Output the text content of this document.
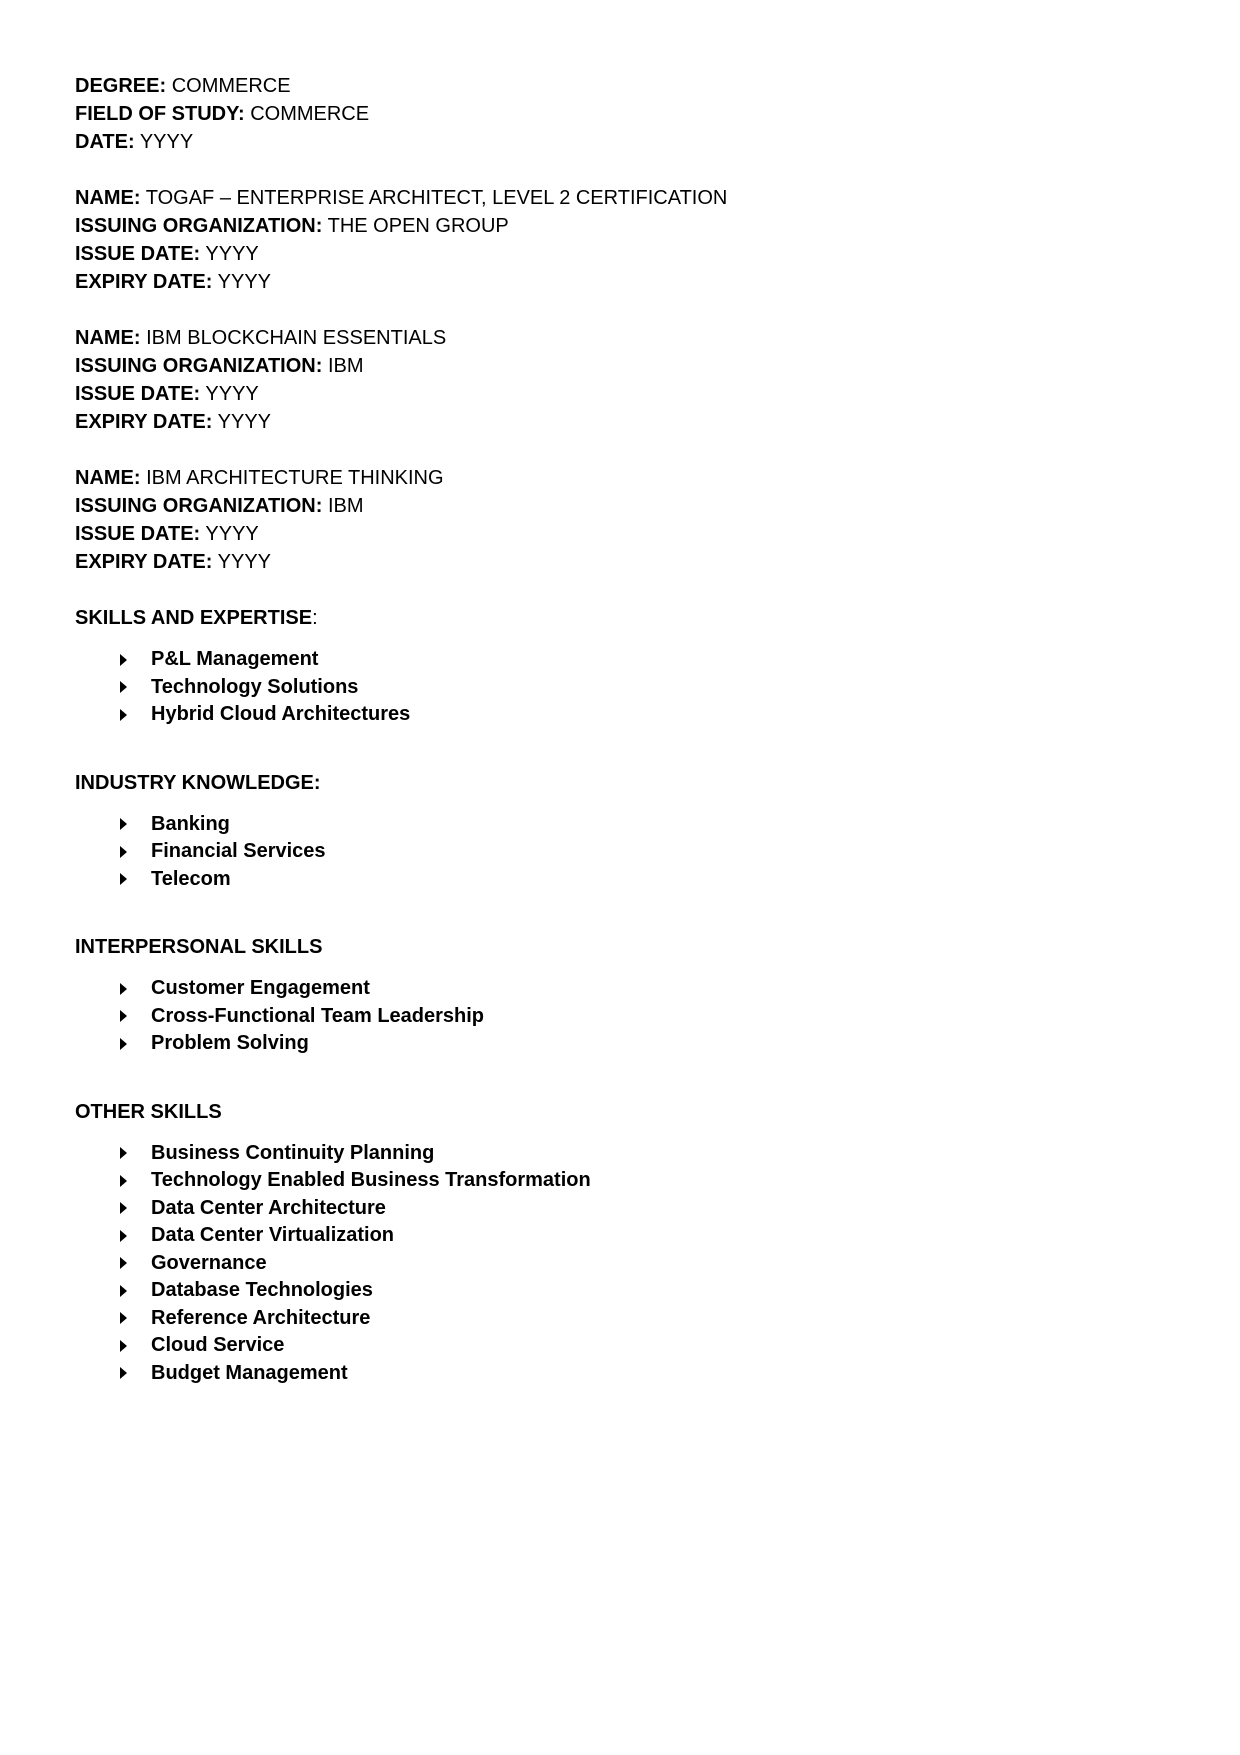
DEGREE: COMMERCE
FIELD OF STUDY: COMMERCE
DATE: YYYY
NAME: TOGAF – ENTERPRISE ARCHITECT, LEVEL 2 CERTIFICATION
ISSUING ORGANIZATION: THE OPEN GROUP
ISSUE DATE: YYYY
EXPIRY DATE: YYYY
NAME: IBM BLOCKCHAIN ESSENTIALS
ISSUING ORGANIZATION: IBM
ISSUE DATE: YYYY
EXPIRY DATE: YYYY
NAME: IBM ARCHITECTURE THINKING
ISSUING ORGANIZATION: IBM
ISSUE DATE: YYYY
EXPIRY DATE: YYYY
SKILLS AND EXPERTISE:
P&L Management
Technology Solutions
Hybrid Cloud Architectures
INDUSTRY KNOWLEDGE:
Banking
Financial Services
Telecom
INTERPERSONAL SKILLS
Customer Engagement
Cross-Functional Team Leadership
Problem Solving
OTHER SKILLS
Business Continuity Planning
Technology Enabled Business Transformation
Data Center Architecture
Data Center Virtualization
Governance
Database Technologies
Reference Architecture
Cloud Service
Budget Management
